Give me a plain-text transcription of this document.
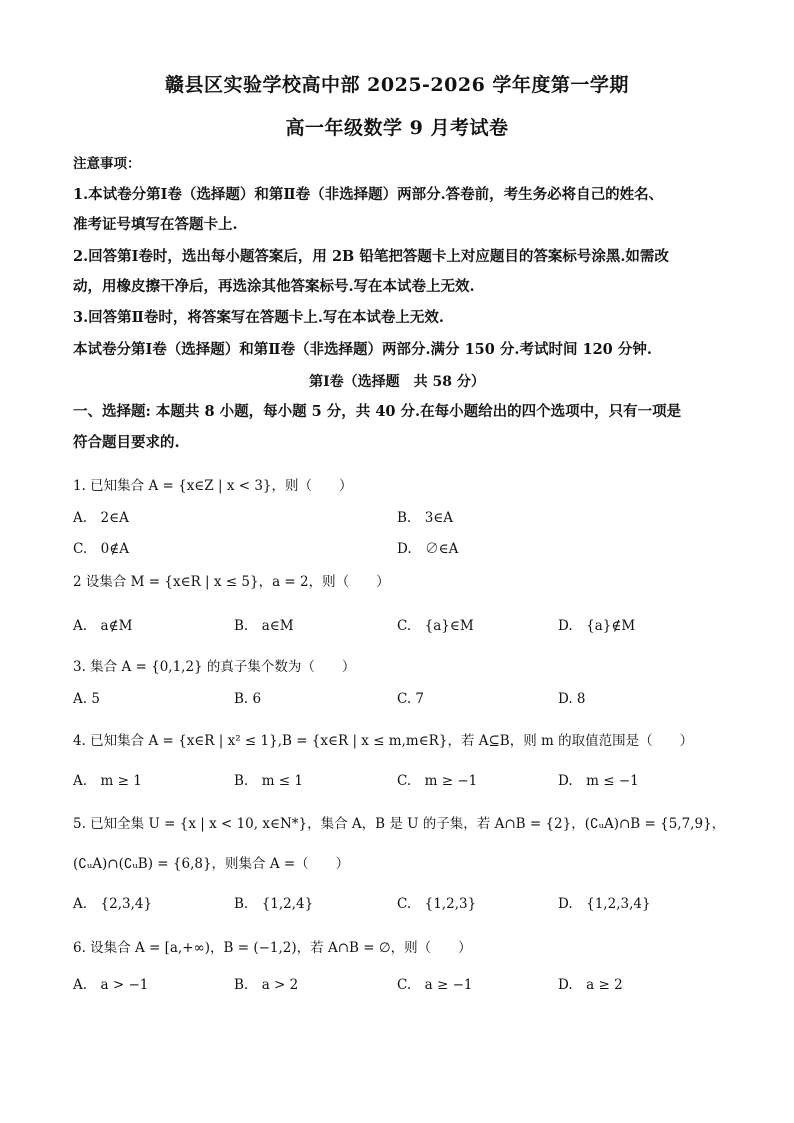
赣县区实验学校高中部 2025-2026 学年度第一学期
高一年级数学 9 月考试卷
注意事项：
1.本试卷分第Ⅰ卷（选择题）和第Ⅱ卷（非选择题）两部分.答卷前，考生务必将自己的姓名、
准考证号填写在答题卡上.
2.回答第Ⅰ卷时，选出每小题答案后，用 2B 铅笔把答题卡上对应题目的答案标号涂黑.如需改
动，用橡皮擦干净后，再选涂其他答案标号.写在本试卷上无效.
3.回答第Ⅱ卷时，将答案写在答题卡上.写在本试卷上无效.
本试卷分第Ⅰ卷（选择题）和第Ⅱ卷（非选择题）两部分.满分 150 分.考试时间 120 分钟.
第Ⅰ卷（选择题　共 58 分）
一、选择题: 本题共 8 小题，每小题 5 分，共 40 分.在每小题给出的四个选项中，只有一项是
符合题目要求的.
1. 已知集合 A = {x∈Z | x < 3}，则（　　）
A.　2∈A	B.　3∈A
C.　0∉A	D.　∅∈A
2 设集合 M = {x∈R | x ≤ 5}，a = 2，则（　　）
A.　a∉M	B.　a∈M	C.　{a}∈M	D.　{a}∉M
3. 集合 A = {0,1,2} 的真子集个数为（　　）
A. 5	B. 6	C. 7	D. 8
4. 已知集合 A = {x∈R | x² ≤ 1},B = {x∈R | x ≤ m,m∈R}，若 A⊆B，则 m 的取值范围是（　　）
A.　m ≥ 1	B.　m ≤ 1	C.　m ≥ −1	D.　m ≤ −1
5. 已知全集 U = {x | x < 10, x∈N*}，集合 A，B 是 U 的子集，若 A∩B = {2}，(∁ᵤA)∩B = {5,7,9}，
(∁ᵤA)∩(∁ᵤB) = {6,8}，则集合 A =（　　）
A.　{2,3,4}	B.　{1,2,4}	C.　{1,2,3}	D.　{1,2,3,4}
6. 设集合 A = [a,+∞)，B = (−1,2)，若 A∩B = ∅，则（　　）
A.　a > −1	B.　a > 2	C.　a ≥ −1	D.　a ≥ 2
